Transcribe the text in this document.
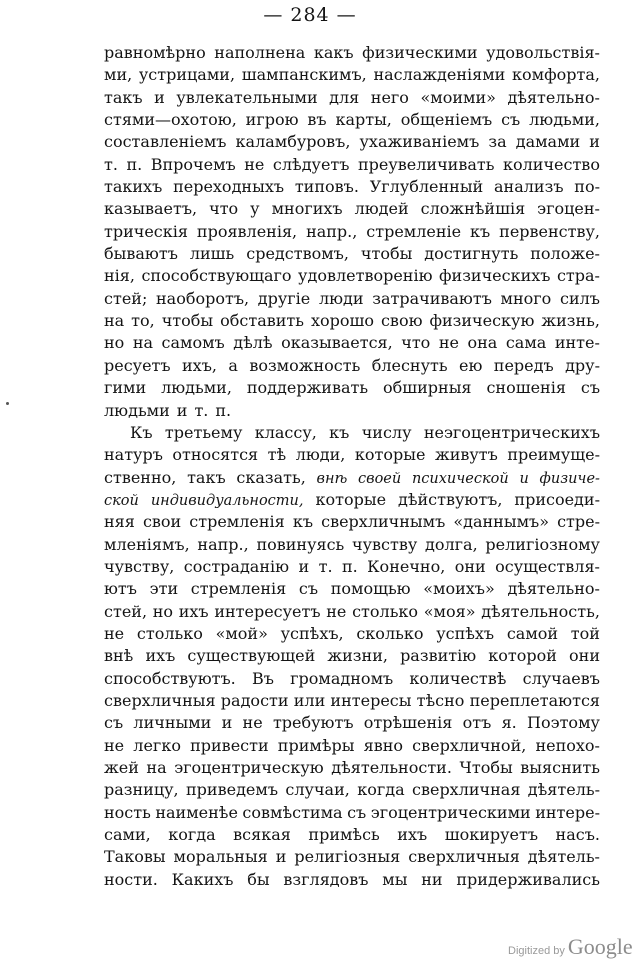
— 284 —
равномѣрно наполнена какъ физическими удовольствія-
ми, устрицами, шампанскимъ, наслажденіями комфорта,
такъ и увлекательными для него «моими» дѣятельно-
стями—охотою, игрою въ карты, общеніемъ съ людьми,
составленіемъ каламбуровъ, ухаживаніемъ за дамами и
т. п. Впрочемъ не слѣдуетъ преувеличивать количество
такихъ переходныхъ типовъ. Углубленный анализъ по-
казываетъ, что у многихъ людей сложнѣйшія эгоцен-
трическія проявленія, напр., стремленіе къ первенству,
бываютъ лишь средствомъ, чтобы достигнуть положе-
нія, способствующаго удовлетворенію физическихъ стра-
стей; наоборотъ, другіе люди затрачиваютъ много силъ
на то, чтобы обставить хорошо свою физическую жизнь,
но на самомъ дѣлѣ оказывается, что не она сама инте-
ресуетъ ихъ, а возможность блеснуть ею передъ дру-
гими людьми, поддерживать обширныя сношенія съ
людьми и т. п.
Къ третьему классу, къ числу неэгоцентрическихъ
натуръ относятся тѣ люди, которые живутъ преимуще-
ственно, такъ сказать, внѣ своей психической и физиче-
ской индивидуальности, которые дѣйствуютъ, присоеди-
няя свои стремленія къ сверхличнымъ «даннымъ» стре-
мленіямъ, напр., повинуясь чувству долга, религіозному
чувству, состраданію и т. п. Конечно, они осуществля-
ютъ эти стремленія съ помощью «моихъ» дѣятельно-
стей, но ихъ интересуетъ не столько «моя» дѣятельность,
не столько «мой» успѣхъ, сколько успѣхъ самой той
внѣ ихъ существующей жизни, развитію которой они
способствуютъ. Въ громадномъ количествѣ случаевъ
сверхличныя радости или интересы тѣсно переплетаются
съ личными и не требуютъ отрѣшенія отъ я. Поэтому
не легко привести примѣры явно сверхличной, непохо-
жей на эгоцентрическую дѣятельности. Чтобы выяснить
разницу, приведемъ случаи, когда сверхличная дѣятель-
ность наименѣе совмѣстима съ эгоцентрическими интере-
сами, когда всякая примѣсь ихъ шокируетъ насъ.
Таковы моральныя и религіозныя сверхличныя дѣятель-
ности. Какихъ бы взглядовъ мы ни придерживались
Digitized by Google
